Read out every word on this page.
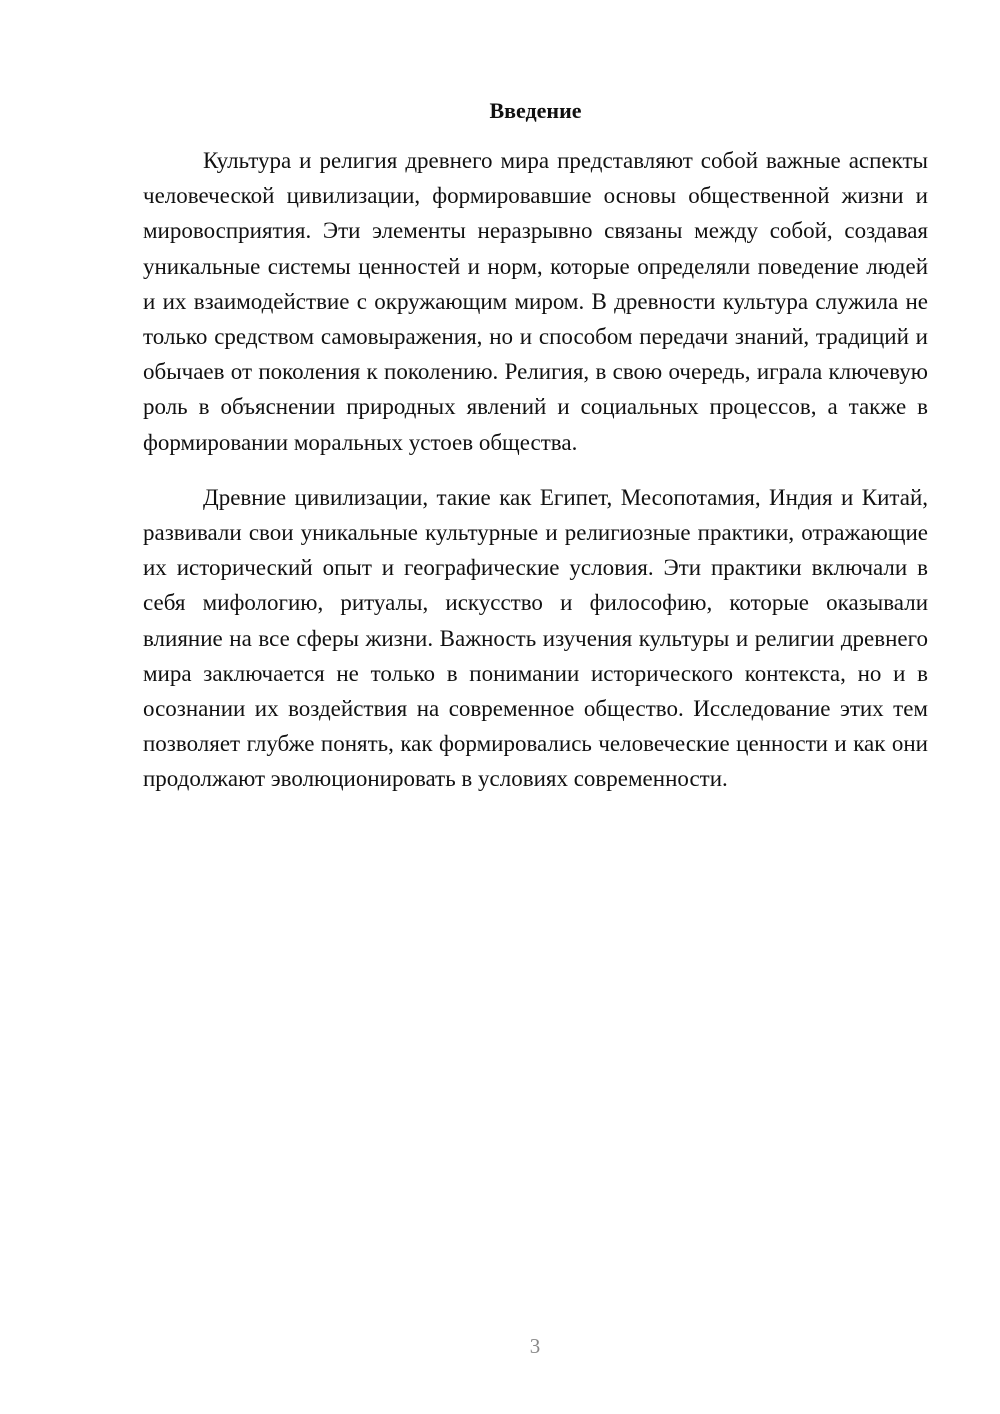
Введение

Культура и религия древнего мира представляют собой важные аспекты человеческой цивилизации, формировавшие основы общественной жизни и мировосприятия. Эти элементы неразрывно связаны между собой, создавая уникальные системы ценностей и норм, которые определяли поведение людей и их взаимодействие с окружающим миром. В древности культура служила не только средством самовыражения, но и способом передачи знаний, традиций и обычаев от поколения к поколению. Религия, в свою очередь, играла ключевую роль в объяснении природных явлений и социальных процессов, а также в формировании моральных устоев общества.

Древние цивилизации, такие как Египет, Месопотамия, Индия и Китай, развивали свои уникальные культурные и религиозные практики, отражающие их исторический опыт и географические условия. Эти практики включали в себя мифологию, ритуалы, искусство и философию, которые оказывали влияние на все сферы жизни. Важность изучения культуры и религии древнего мира заключается не только в понимании исторического контекста, но и в осознании их воздействия на современное общество. Исследование этих тем позволяет глубже понять, как формировались человеческие ценности и как они продолжают эволюционировать в условиях современности.

3
